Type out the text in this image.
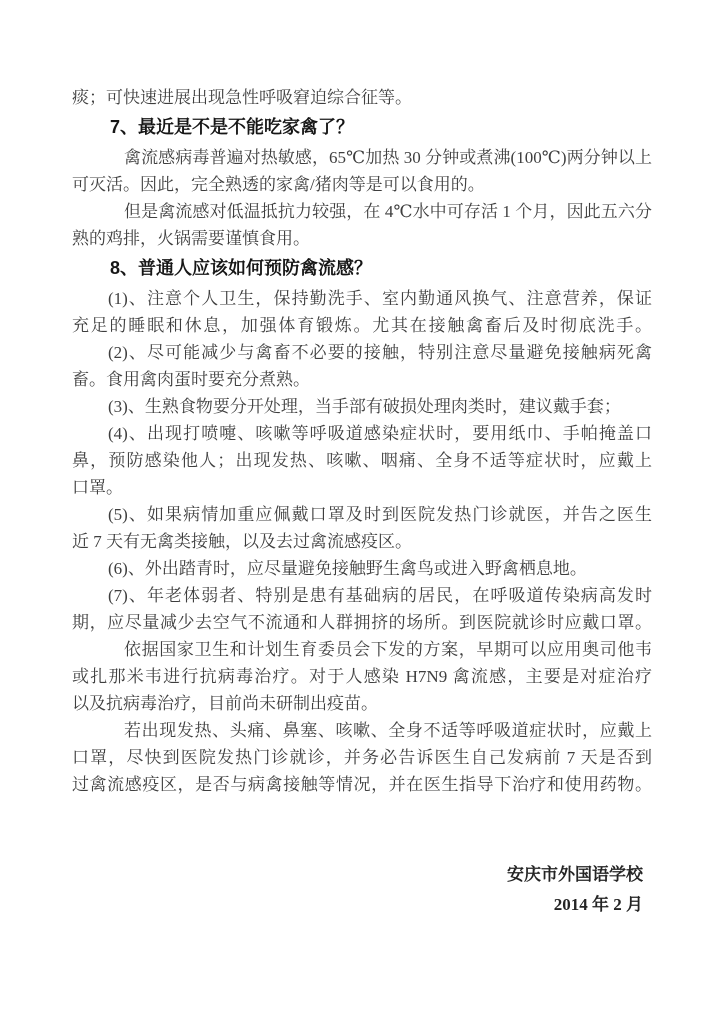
痰；可快速进展出现急性呼吸窘迫综合征等。
7、最近是不是不能吃家禽了？
禽流感病毒普遍对热敏感，65℃加热 30 分钟或煮沸(100℃)两分钟以上
可灭活。因此，完全熟透的家禽/猪肉等是可以食用的。
但是禽流感对低温抵抗力较强，在 4℃水中可存活 1 个月，因此五六分
熟的鸡排，火锅需要谨慎食用。
8、普通人应该如何预防禽流感？
(1)、注意个人卫生，保持勤洗手、室内勤通风换气、注意营养，保证
充足的睡眠和休息，加强体育锻炼。尤其在接触禽畜后及时彻底洗手。
(2)、尽可能减少与禽畜不必要的接触，特别注意尽量避免接触病死禽
畜。食用禽肉蛋时要充分煮熟。
(3)、生熟食物要分开处理，当手部有破损处理肉类时，建议戴手套；
(4)、出现打喷嚏、咳嗽等呼吸道感染症状时，要用纸巾、手帕掩盖口
鼻，预防感染他人；出现发热、咳嗽、咽痛、全身不适等症状时，应戴上
口罩。
(5)、如果病情加重应佩戴口罩及时到医院发热门诊就医，并告之医生
近 7 天有无禽类接触，以及去过禽流感疫区。
(6)、外出踏青时，应尽量避免接触野生禽鸟或进入野禽栖息地。
(7)、年老体弱者、特别是患有基础病的居民，在呼吸道传染病高发时
期，应尽量减少去空气不流通和人群拥挤的场所。到医院就诊时应戴口罩。
依据国家卫生和计划生育委员会下发的方案，早期可以应用奥司他韦
或扎那米韦进行抗病毒治疗。对于人感染 H7N9 禽流感，主要是对症治疗
以及抗病毒治疗，目前尚未研制出疫苗。
若出现发热、头痛、鼻塞、咳嗽、全身不适等呼吸道症状时，应戴上
口罩，尽快到医院发热门诊就诊，并务必告诉医生自己发病前 7 天是否到
过禽流感疫区，是否与病禽接触等情况，并在医生指导下治疗和使用药物。
安庆市外国语学校
2014 年 2 月
